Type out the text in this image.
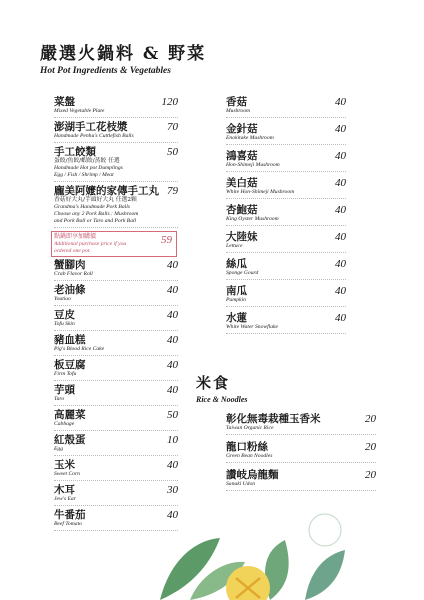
嚴選火鍋料 & 野菜
Hot Pot Ingredients & Vegetables
菜盤
Mixed Vegetable Plate
120
澎湖手工花枝漿
Handmade Penhu's Cuttlefish Balls
70
手工餃類
蛋餃/魚餃/蝦餃/蒸餃 任選
Handmade Hot pot Dumplings
Egg / Fish / Shrimp / Meat
50
龐美阿嬤的家傳手工丸
香菇好大丸/芋頭好大丸 任選2顆
Grandma's Handmade Pork Balls
Choose any 2 Pork Balls : Mushroom
and Pork Ball or Taro and Pork Ball
79
點鍋即享加購價
Additional purchase price if you
ordered one pot.
59
蟹腳肉
Crab Flavor Roll
40
老油條
Youtiao
40
豆皮
Tofu Skin
40
豬血糕
Pig's Blood Rice Cake
40
板豆腐
Firm Tofu
40
芋頭
Taro
40
高麗菜
Cabbage
50
紅殼蛋
Egg
10
玉米
Sweet Corn
40
木耳
Jew's Ear
30
牛番茄
Beef Tomato
40
香菇
Mushroom
40
金針菇
Enokitake Mushroom
40
鴻喜菇
Hon-Shimeji Mushroom
40
美白菇
White Hon-Shimeji Mushroom
40
杏鮑菇
King Oyster Mushroom
40
大陸妹
Lettuce
40
絲瓜
Sponge Gourd
40
南瓜
Pumpkin
40
水蓮
White Water Snowflake
40
米食
Rice & Noodles
彰化無毒栽種玉香米
Taiwan Organic Rice
20
龍口粉絲
Green Bean Noodles
20
讚岐烏龍麵
Sanuki Udon
20
